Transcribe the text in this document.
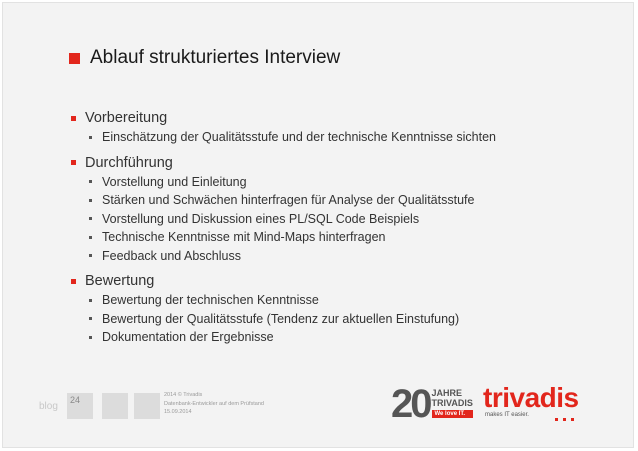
Ablauf strukturiertes Interview
Vorbereitung
Einschätzung der Qualitätsstufe und der technische Kenntnisse sichten
Durchführung
Vorstellung und Einleitung
Stärken und Schwächen hinterfragen für Analyse der Qualitätsstufe
Vorstellung und Diskussion eines PL/SQL Code Beispiels
Technische Kenntnisse mit Mind-Maps hinterfragen
Feedback und Abschluss
Bewertung
Bewertung der technischen Kenntnisse
Bewertung der Qualitätsstufe (Tendenz zur aktuellen Einstufung)
Dokumentation der Ergebnisse
blog
24	2014 © Trivadis
Datenbank-Entwickler auf dem Prüfstand
15.09.2014	20 JAHRE
TRIVADIS
We love IT.
trivadis
makes IT easier.
